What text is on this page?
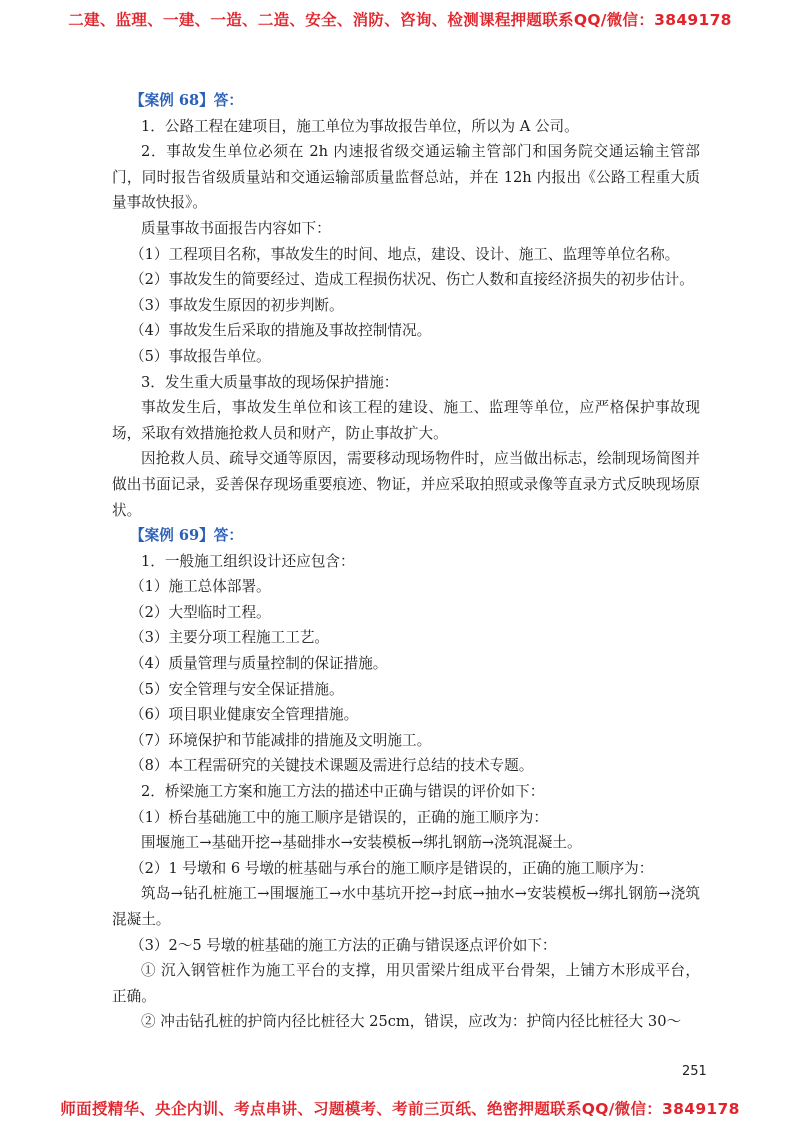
二建、监理、一建、一造、二造、安全、消防、咨询、检测课程押题联系QQ/微信：3849178

【案例 68】答：

1．公路工程在建项目，施工单位为事故报告单位，所以为 A 公司。

2．事故发生单位必须在 2h 内速报省级交通运输主管部门和国务院交通运输主管部门，同时报告省级质量站和交通运输部质量监督总站，并在 12h 内报出《公路工程重大质量事故快报》。

质量事故书面报告内容如下：

（1）工程项目名称，事故发生的时间、地点，建设、设计、施工、监理等单位名称。

（2）事故发生的简要经过、造成工程损伤状况、伤亡人数和直接经济损失的初步估计。

（3）事故发生原因的初步判断。

（4）事故发生后采取的措施及事故控制情况。

（5）事故报告单位。

3．发生重大质量事故的现场保护措施：

事故发生后，事故发生单位和该工程的建设、施工、监理等单位，应严格保护事故现场，采取有效措施抢救人员和财产，防止事故扩大。

因抢救人员、疏导交通等原因，需要移动现场物件时，应当做出标志，绘制现场简图并做出书面记录，妥善保存现场重要痕迹、物证，并应采取拍照或录像等直录方式反映现场原状。

【案例 69】答：

1．一般施工组织设计还应包含：

（1）施工总体部署。

（2）大型临时工程。

（3）主要分项工程施工工艺。

（4）质量管理与质量控制的保证措施。

（5）安全管理与安全保证措施。

（6）项目职业健康安全管理措施。

（7）环境保护和节能减排的措施及文明施工。

（8）本工程需研究的关键技术课题及需进行总结的技术专题。

2．桥梁施工方案和施工方法的描述中正确与错误的评价如下：

（1）桥台基础施工中的施工顺序是错误的，正确的施工顺序为：

围堰施工→基础开挖→基础排水→安装模板→绑扎钢筋→浇筑混凝土。

（2）1 号墩和 6 号墩的桩基础与承台的施工顺序是错误的，正确的施工顺序为：

筑岛→钻孔桩施工→围堰施工→水中基坑开挖→封底→抽水→安装模板→绑扎钢筋→浇筑混凝土。

（3）2～5 号墩的桩基础的施工方法的正确与错误逐点评价如下：

① 沉入钢管桩作为施工平台的支撑，用贝雷梁片组成平台骨架，上铺方木形成平台，正确。

② 冲击钻孔桩的护筒内径比桩径大 25cm，错误，应改为：护筒内径比桩径大 30～

251
师面授精华、央企内训、考点串讲、习题模考、考前三页纸、绝密押题联系QQ/微信：3849178
